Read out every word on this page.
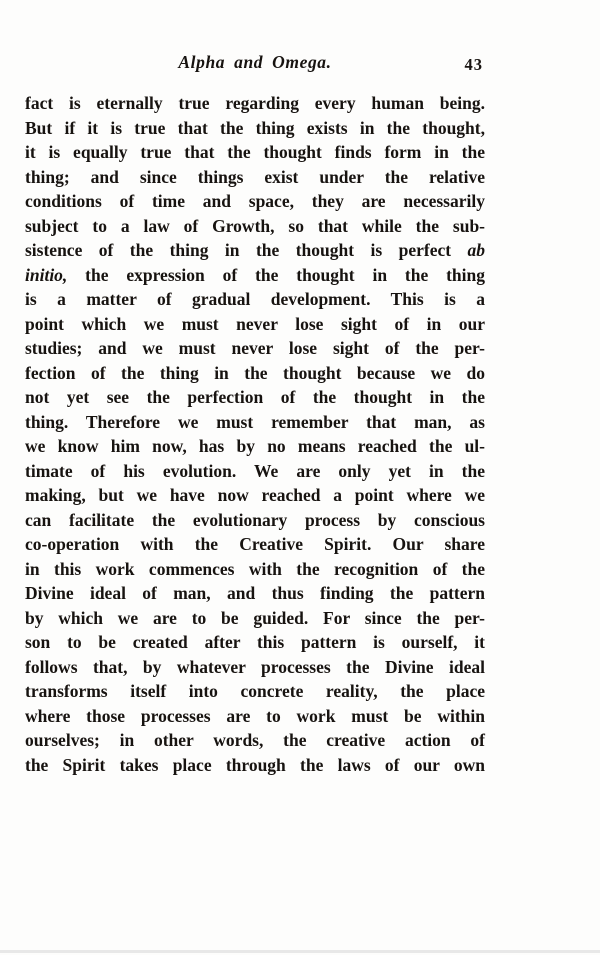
Alpha and Omega.	43
fact is eternally true regarding every human being.
But if it is true that the thing exists in the thought,
it is equally true that the thought finds form in the
thing; and since things exist under the relative
conditions of time and space, they are necessarily
subject to a law of Growth, so that while the sub-
sistence of the thing in the thought is perfect ab
initio, the expression of the thought in the thing
is a matter of gradual development. This is a
point which we must never lose sight of in our
studies; and we must never lose sight of the per-
fection of the thing in the thought because we do
not yet see the perfection of the thought in the
thing. Therefore we must remember that man, as
we know him now, has by no means reached the ul-
timate of his evolution. We are only yet in the
making, but we have now reached a point where we
can facilitate the evolutionary process by conscious
co-operation with the Creative Spirit. Our share
in this work commences with the recognition of the
Divine ideal of man, and thus finding the pattern
by which we are to be guided. For since the per-
son to be created after this pattern is ourself, it
follows that, by whatever processes the Divine ideal
transforms itself into concrete reality, the place
where those processes are to work must be within
ourselves; in other words, the creative action of
the Spirit takes place through the laws of our own
